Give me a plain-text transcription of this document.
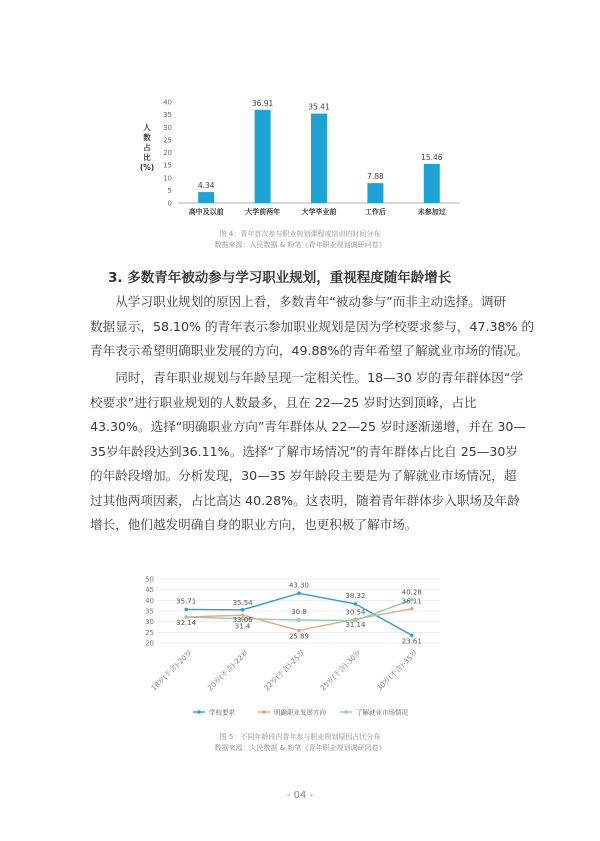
0
5
10
15
20
25
30
35
40
4.34
高中及以前
36.91
大学前两年
35.41
大学毕业前
7.88
工作后
15.46
未参加过
人
数
占
比
(%)
图 4：青年首次参与职业规划课程或培训的时间分布
数据来源：人民数据 & 粉笔《青年职业规划调研问卷》
3. 多数青年被动参与学习职业规划，重视程度随年龄增长
　　从学习职业规划的原因上看，多数青年“被动参与”而非主动选择。调研
数据显示，58.10% 的青年表示参加职业规划是因为学校要求参与，47.38% 的
青年表示希望明确职业发展的方向，49.88%的青年希望了解就业市场的情况。
　　同时，青年职业规划与年龄呈现一定相关性。18—30 岁的青年群体因“学
校要求”进行职业规划的人数最多，且在 22—25 岁时达到顶峰，占比
43.30%。选择“明确职业方向”青年群体从 22—25 岁时逐渐递增，并在 30—
35岁年龄段达到36.11%。选择“了解市场情况”的青年群体占比自 25—30岁
的年龄段增加。分析发现，30—35 岁年龄段主要是为了解就业市场情况，超
过其他两项因素，占比高达 40.28%。这表明，随着青年群体步入职场及年龄
增长，他们越发明确自身的职业方向，也更积极了解市场。
20
25
30
35
40
45
50
35.71	35.54
43.30
38.32
23.61
32.14	33.06
25.89
31.14
36.11
31.4
30.8	30.54
40.28
18岁(不含)-20岁 20岁(不含)-22岁 22岁(不含)-25岁 25岁(不含)-30岁 30岁(不含)-35岁
学校要求	明确职业发展方向	了解就业市场情况
图 5：不同年龄段内青年参与职业规划原因占比分布
数据来源：人民数据 & 粉笔《青年职业规划调研问卷》
- 04 -
